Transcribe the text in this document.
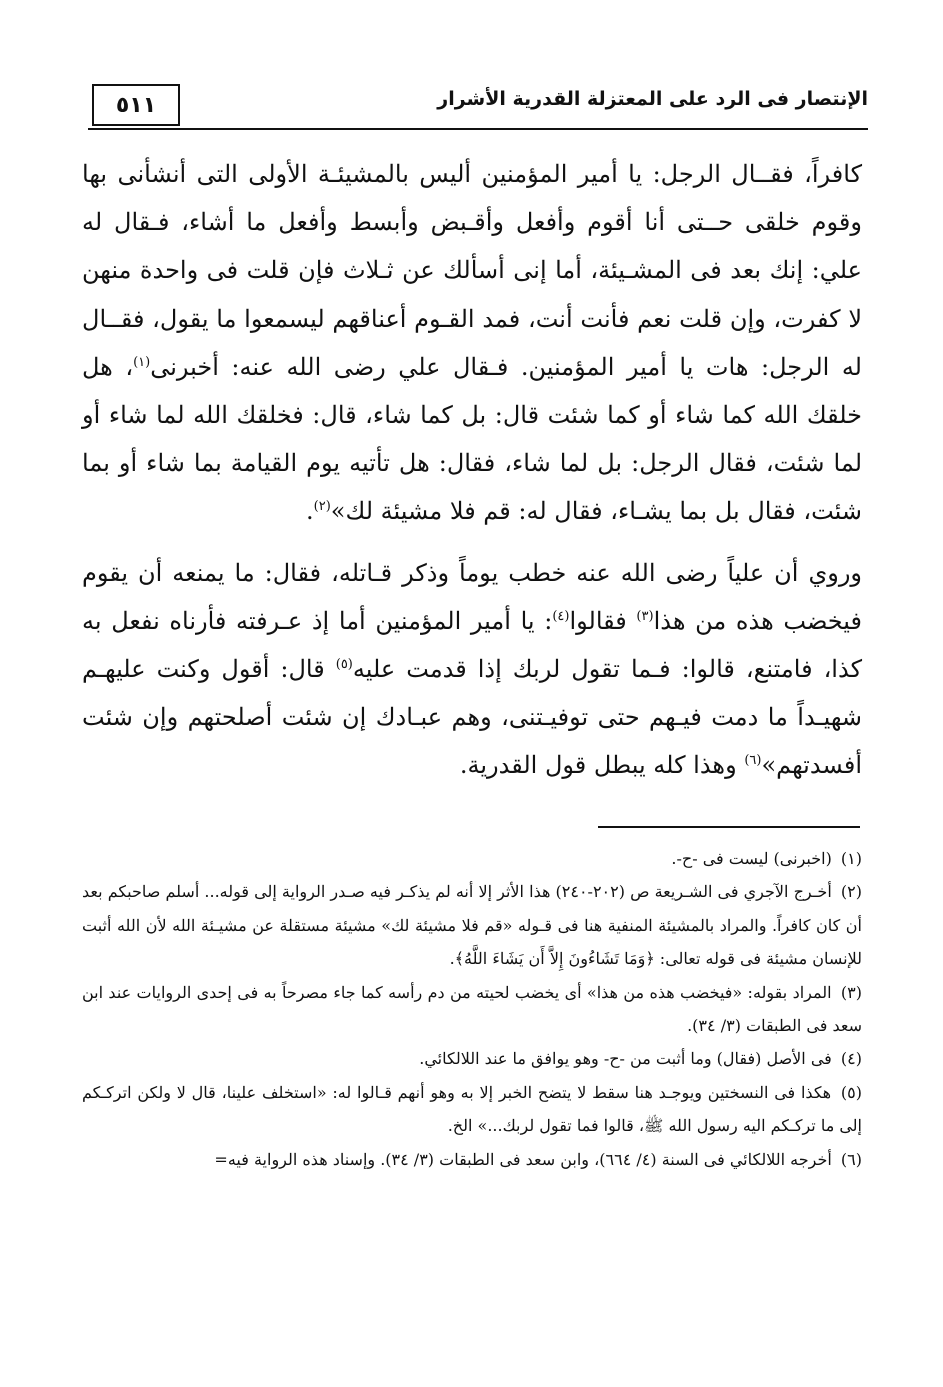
٥١١	الإنتصار فى الرد على المعتزلة القدرية الأشرار

كافراً، فقــال الرجل: يا أمير المؤمنين أليس بالمشيئـة الأولى التى أنشأنى بها وقوم خلقى حــتى أنا أقوم وأفعل وأقـبض وأبسط وأفعل ما أشاء، فـقال له علي: إنك بعد فى المشـيئة، أما إنى أسألك عن ثـلاث فإن قلت فى واحدة منهن لا كفرت، وإن قلت نعم فأنت أنت، فمد القـوم أعناقهم ليسمعوا ما يقول، فقــال له الرجل: هات يا أمير المؤمنين. فـقال علي رضى الله عنه: أخبرنى$^{(١)}$، هل خلقك الله كما شاء أو كما شئت قال: بل كما شاء، قال: فخلقك الله لما شاء أو لما شئت، فقال الرجل: بل لما شاء، فقال: هل تأتيه يوم القيامة بما شاء أو بما شئت، فقال بل بما يشـاء، فقال له: قم فلا مشيئة لك»$^{(٢)}$.

وروي أن علياً رضى الله عنه خطب يوماً وذكر قـاتله، فقال: ما يمنعه أن يقوم فيخضب هذه من هذا$^{(٣)}$ فقالوا$^{(٤)}$: يا أمير المؤمنين أما إذ عـرفته فأرناه نفعل به كذا، فامتنع، قالوا: فـما تقول لربك إذا قدمت عليه$^{(٥)}$ قال: أقول وكنت عليهـم شهيـداً ما دمت فيـهم حتى توفيـتنى، وهم عبـادك إن شئت أصلحتهم وإن شئت أفسدتهم»$^{(٦)}$ وهذا كله يبطل قول القدرية.

(١) (اخبرنى) ليست فى -ح-.

(٢) أخـرج الآجري فى الشـريعة ص (٢٠٢-٢٤٠) هذا الأثر إلا أنه لم يذكـر فيه صـدر الرواية إلى قوله... أسلم صاحبكم بعد أن كان كافراً. والمراد بالمشيئة المنفية هنا فى قـوله «قم فلا مشيئة لك» مشيئة مستقلة عن مشيـئة الله لأن الله أثبت للإنسان مشيئة فى قوله تعالى: ﴿وَمَا تَشَاءُونَ إِلاَّ أَن يَشَاءَ اللَّهُ﴾.

(٣) المراد بقوله: «فيخضب هذه من هذا» أى يخضب لحيته من دم رأسه كما جاء مصرحاً به فى إحدى الروايات عند ابن سعد فى الطبقات (٣/ ٣٤).

(٤) فى الأصل (فقال) وما أثبت من -ح- وهو يوافق ما عند اللالكائي.

(٥) هكذا فى النسختين ويوجـد هنا سقط لا يتضح الخبر إلا به وهو أنهم قـالوا له: «استخلف علينا، قال لا ولكن اتركـكم إلى ما تركـكم اليه رسول الله ﷺ، قالوا فما تقول لربك...» الخ.

(٦) أخرجه اللالكائي فى السنة (٤/ ٦٦٤)، وابن سعد فى الطبقات (٣/ ٣٤). وإسناد هذه الرواية فيه=
